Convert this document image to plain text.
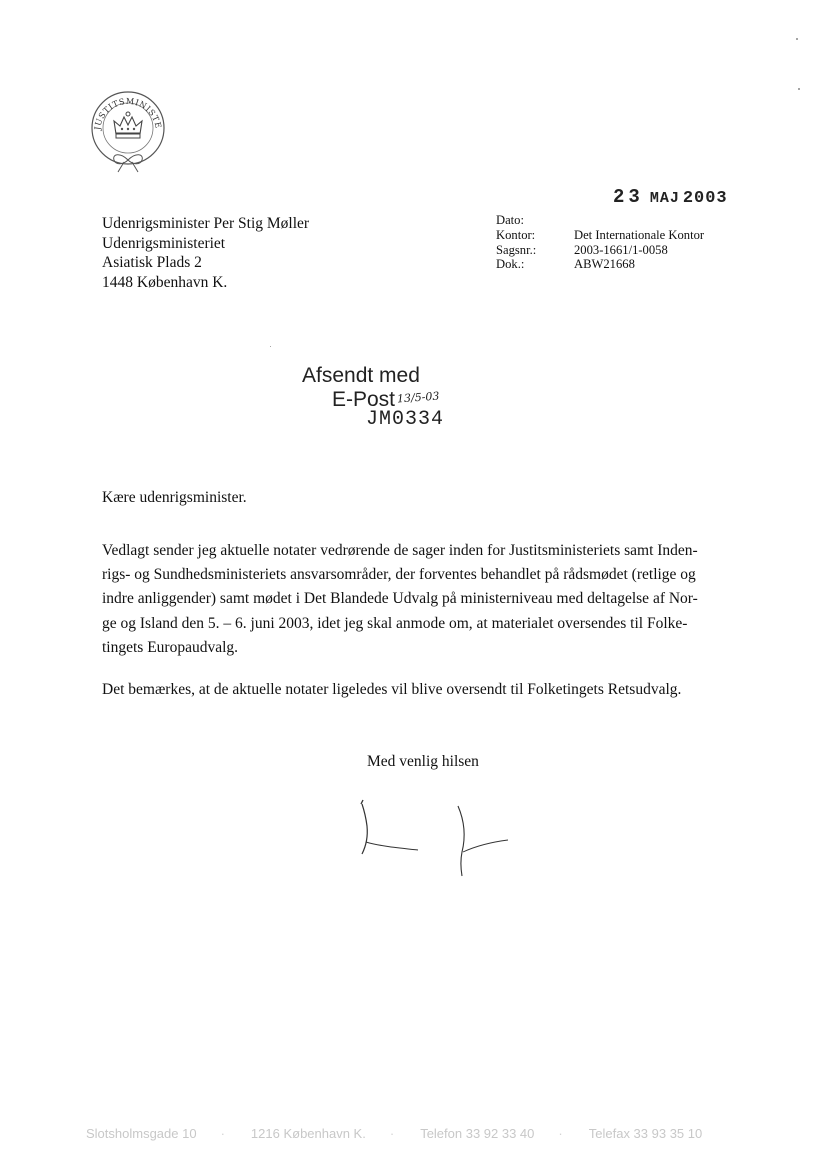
JUSTITSMINISTE
23 MAJ 2003
Udenrigsminister Per Stig Møller
Udenrigsministeriet
Asiatisk Plads 2
1448 København K.
Dato:	
Kontor:	Det Internationale Kontor
Sagsnr.:	2003-1661/1-0058
Dok.:	ABW21668
Afsendt med
E-Post 13/5-03
JM0334
Kære udenrigsminister.
Vedlagt sender jeg aktuelle notater vedrørende de sager inden for Justitsministeriets samt Inden-
rigs- og Sundhedsministeriets ansvarsområder, der forventes behandlet på rådsmødet (retlige og
indre anliggender) samt mødet i Det Blandede Udvalg på ministerniveau med deltagelse af Nor-
ge og Island den 5. – 6. juni 2003, idet jeg skal anmode om, at materialet oversendes til Folke-
tingets Europaudvalg.
Det bemærkes, at de aktuelle notater ligeledes vil blive oversendt til Folketingets Retsudvalg.
Med venlig hilsen
Slotsholmsgade 10 · 1216 København K. · Telefon 33 92 33 40 · Telefax 33 93 35 10
